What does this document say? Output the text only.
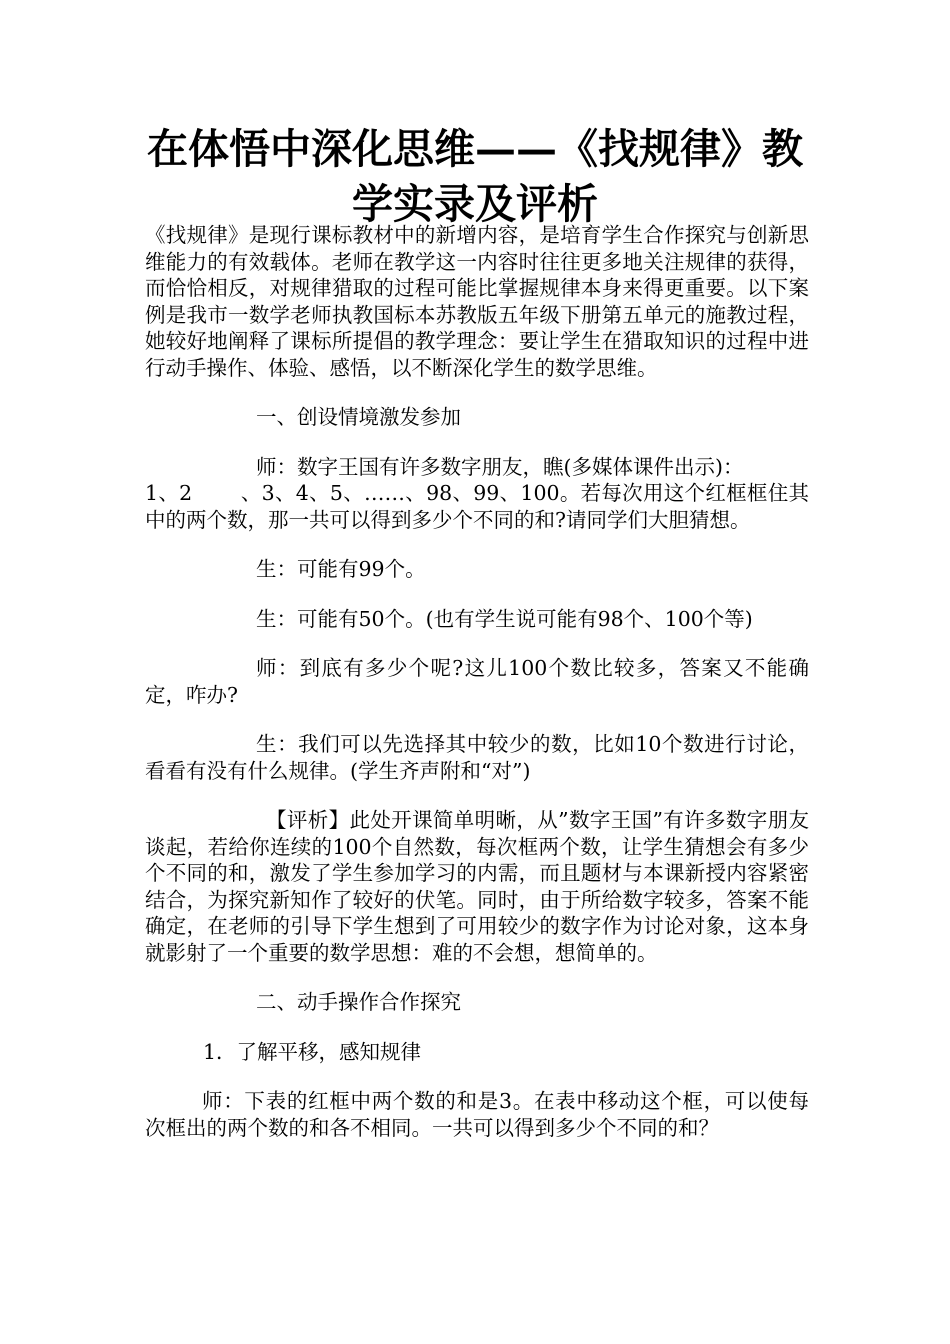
在体悟中深化思维——《找规律》教学实录及评析

《找规律》是现行课标教材中的新增内容，是培育学生合作探究与创新思维能力的有效载体。老师在教学这一内容时往往更多地关注规律的获得，而恰恰相反，对规律猎取的过程可能比掌握规律本身来得更重要。以下案例是我市一数学老师执教国标本苏教版五年级下册第五单元的施教过程，她较好地阐释了课标所提倡的教学理念：要让学生在猎取知识的过程中进行动手操作、体验、感悟，以不断深化学生的数学思维。

一、创设情境激发参加

师：数字王国有许多数字朋友，瞧(多媒体课件出示)：

1、2　　 、3、4、5、……、98、99、100。若每次用这个红框框住其中的两个数，那一共可以得到多少个不同的和?请同学们大胆猜想。

生：可能有99个。

生：可能有50个。(也有学生说可能有98个、100个等)

师：到底有多少个呢?这儿100个数比较多，答案又不能确定，咋办?

生：我们可以先选择其中较少的数，比如10个数进行讨论，看看有没有什么规律。(学生齐声附和“对”)

【评析】此处开课简单明晰，从”数字王国”有许多数字朋友谈起，若给你连续的100个自然数，每次框两个数，让学生猜想会有多少个不同的和，激发了学生参加学习的内需，而且题材与本课新授内容紧密结合，为探究新知作了较好的伏笔。同时，由于所给数字较多，答案不能确定，在老师的引导下学生想到了可用较少的数字作为讨论对象，这本身就影射了一个重要的数学思想：难的不会想，想简单的。

二、动手操作合作探究

1．了解平移，感知规律

师：下表的红框中两个数的和是3。在表中移动这个框，可以使每次框出的两个数的和各不相同。一共可以得到多少个不同的和？
